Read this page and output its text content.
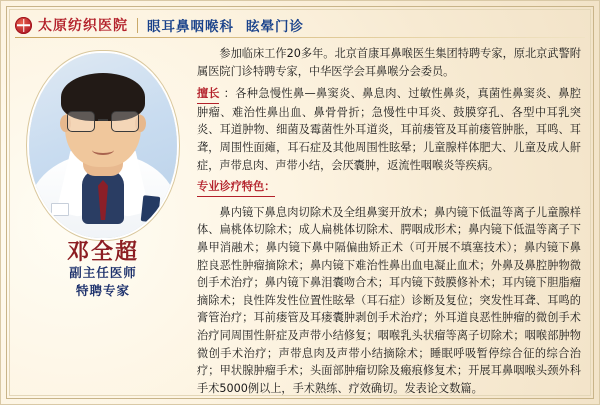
太原纺织医院 眼耳鼻咽喉科 眩晕门诊
邓全超
副主任医师
特聘专家

参加临床工作20多年。北京首康耳鼻喉医生集团特聘专家，原北京武警附属医院门诊特聘专家，中华医学会耳鼻喉分会委员。

擅长 ：各种急慢性鼻—鼻窦炎、鼻息肉、过敏性鼻炎，真菌性鼻窦炎、鼻腔肿瘤、难治性鼻出血、鼻骨骨折；急慢性中耳炎、鼓膜穿孔、各型中耳乳突炎、耳道肿物、细菌及霉菌性外耳道炎，耳前瘘管及耳前瘘管肿胀，耳鸣、耳聋，周围性面瘫，耳石症及其他周围性眩晕；儿童腺样体肥大、儿童及成人鼾症，声带息肉、声带小结，会厌囊肿，返流性咽喉炎等疾病。

专业诊疗特色：

鼻内镜下鼻息肉切除术及全组鼻窦开放术；鼻内镜下低温等离子儿童腺样体、扁桃体切除术；成人扁桃体切除术、腭咽成形术；鼻内镜下低温等离子下鼻甲消融术；鼻内镜下鼻中隔偏曲矫正术（可开展不填塞技术）；鼻内镜下鼻腔良恶性肿瘤摘除术；鼻内镜下难治性鼻出血电凝止血术；外鼻及鼻腔肿物微创手术治疗；鼻内镜下鼻泪囊吻合术；耳内镜下鼓膜修补术；耳内镜下胆脂瘤摘除术；良性阵发性位置性眩晕（耳石症）诊断及复位；突发性耳聋、耳鸣的膏管治疗；耳前瘘管及耳瘘囊肿剥创手术治疗；外耳道良恶性肿瘤的微创手术治疗同周围性鼾症及声带小结修复；咽喉乳头状瘤等离子切除术；咽喉部肿物微创手术治疗；声带息肉及声带小结摘除术；睡眠呼吸暂停综合征的综合治疗；甲状腺肿瘤手术；头面部肿瘤切除及瘢痕修复术；开展耳鼻咽喉头颈外科手术5000例以上，手术熟练、疗效确切。发表论文数篇。
